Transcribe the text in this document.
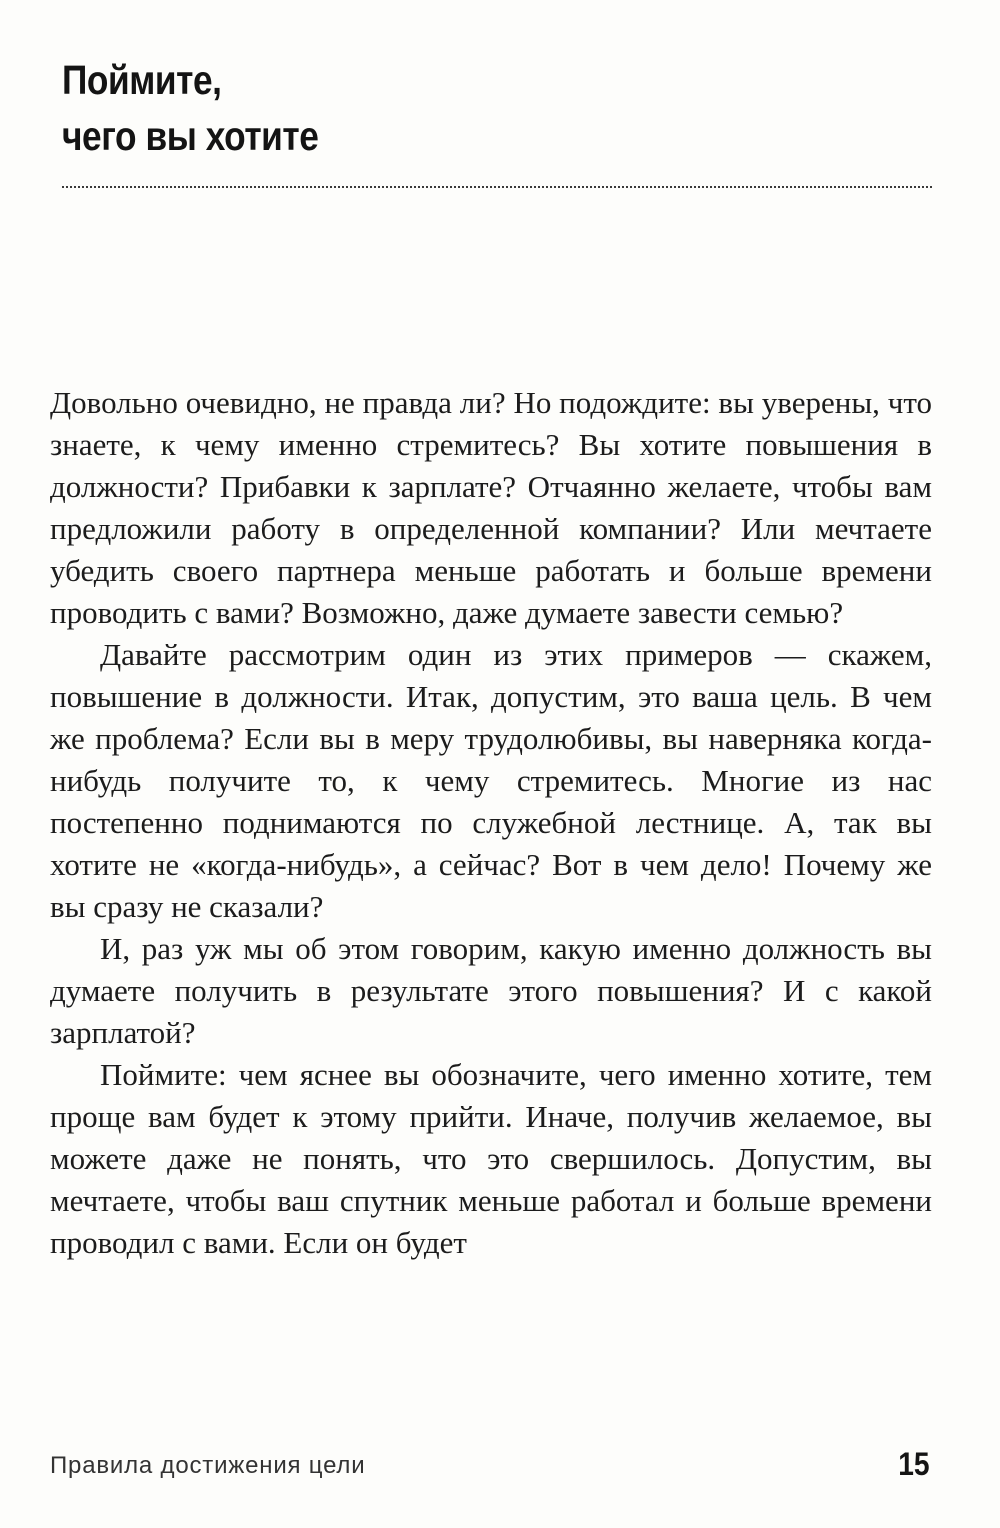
Поймите,
чего вы хотите

Довольно очевидно, не правда ли? Но подождите: вы уверены, что знаете, к чему именно стремитесь? Вы хотите повышения в должности? Прибавки к зарплате? Отчаянно желаете, чтобы вам предложили работу в определенной компании? Или мечтаете убедить своего партнера меньше работать и больше времени проводить с вами? Возможно, даже думаете завести семью?

Давайте рассмотрим один из этих примеров — скажем, повышение в должности. Итак, допустим, это ваша цель. В чем же проблема? Если вы в меру трудолюбивы, вы наверняка когда-нибудь получите то, к чему стремитесь. Многие из нас постепенно поднимаются по служебной лестнице. А, так вы хотите не «когда-нибудь», а сейчас? Вот в чем дело! Почему же вы сразу не сказали?

И, раз уж мы об этом говорим, какую именно должность вы думаете получить в результате этого повышения? И с какой зарплатой?

Поймите: чем яснее вы обозначите, чего именно хотите, тем проще вам будет к этому прийти. Иначе, получив желаемое, вы можете даже не понять, что это свершилось. Допустим, вы мечтаете, чтобы ваш спутник меньше работал и больше времени проводил с вами. Если он будет

Правила достижения цели	15
